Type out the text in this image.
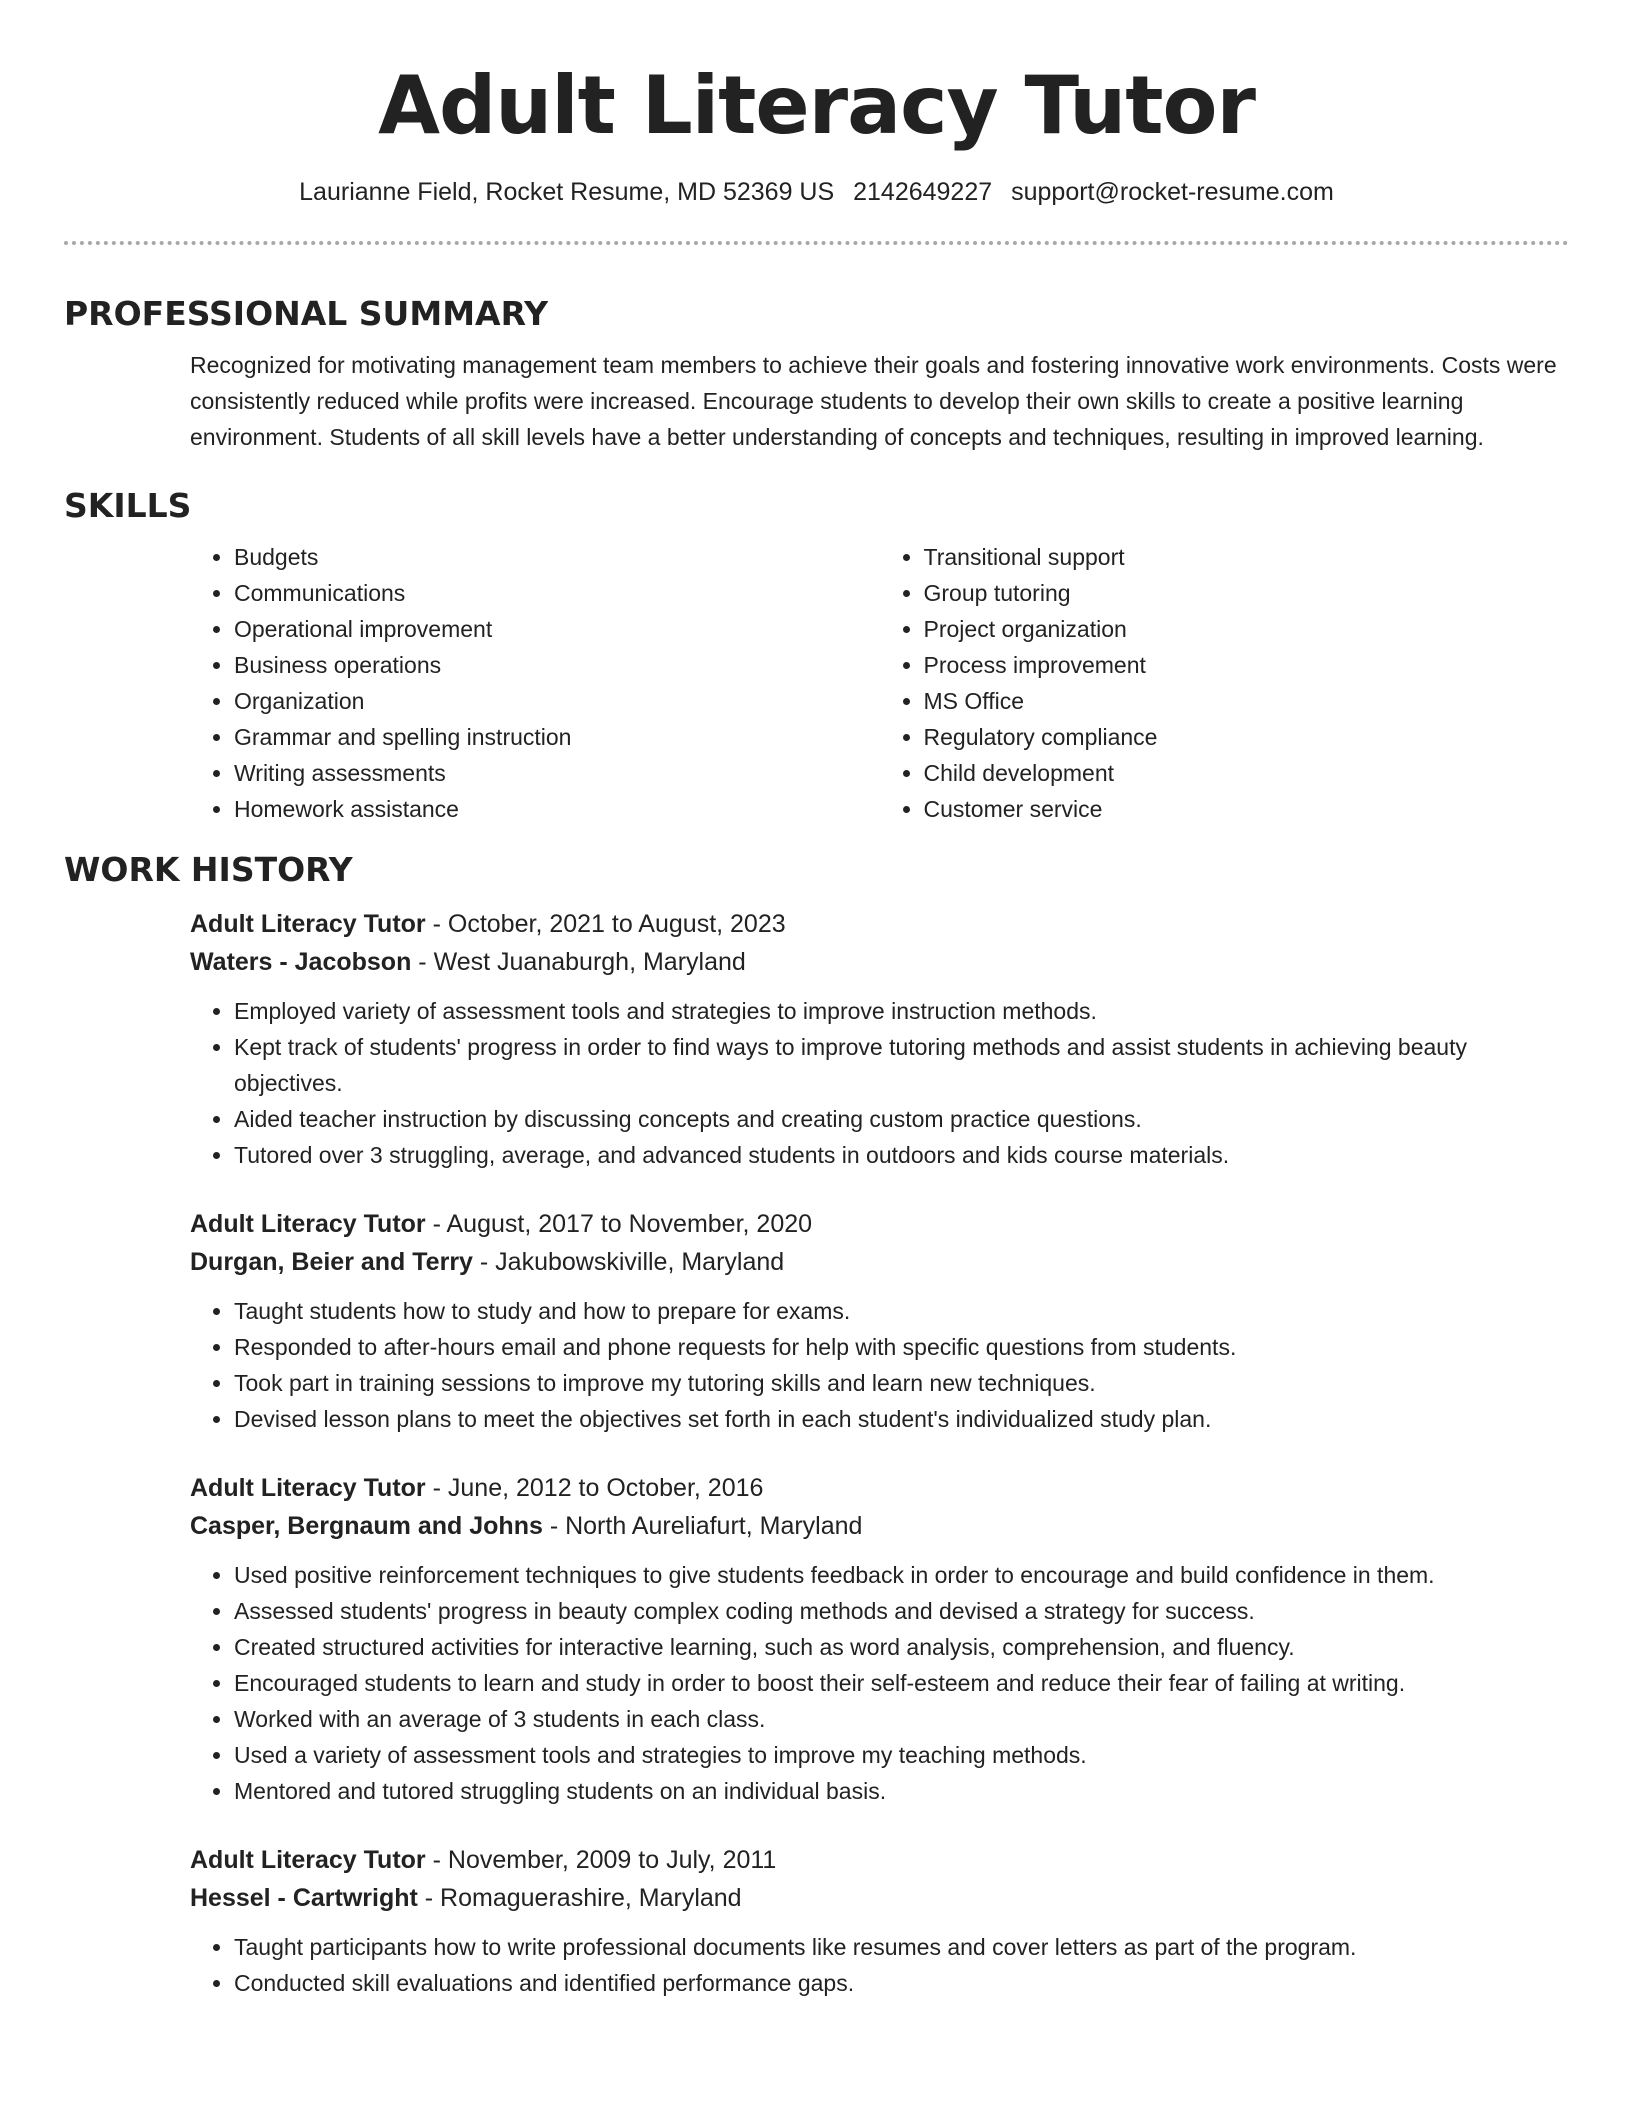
Adult Literacy Tutor
Laurianne Field, Rocket Resume, MD 52369 US 2142649227 support@rocket-resume.com
PROFESSIONAL SUMMARY
Recognized for motivating management team members to achieve their goals and fostering innovative work environments. Costs were consistently reduced while profits were increased. Encourage students to develop their own skills to create a positive learning environment. Students of all skill levels have a better understanding of concepts and techniques, resulting in improved learning.
SKILLS
• Budgets
• Communications
• Operational improvement
• Business operations
• Organization
• Grammar and spelling instruction
• Writing assessments
• Homework assistance
• Transitional support
• Group tutoring
• Project organization
• Process improvement
• MS Office
• Regulatory compliance
• Child development
• Customer service
WORK HISTORY
Adult Literacy Tutor - October, 2021 to August, 2023
Waters - Jacobson - West Juanaburgh, Maryland
• Employed variety of assessment tools and strategies to improve instruction methods.
• Kept track of students' progress in order to find ways to improve tutoring methods and assist students in achieving beauty objectives.
• Aided teacher instruction by discussing concepts and creating custom practice questions.
• Tutored over 3 struggling, average, and advanced students in outdoors and kids course materials.
Adult Literacy Tutor - August, 2017 to November, 2020
Durgan, Beier and Terry - Jakubowskiville, Maryland
• Taught students how to study and how to prepare for exams.
• Responded to after-hours email and phone requests for help with specific questions from students.
• Took part in training sessions to improve my tutoring skills and learn new techniques.
• Devised lesson plans to meet the objectives set forth in each student's individualized study plan.
Adult Literacy Tutor - June, 2012 to October, 2016
Casper, Bergnaum and Johns - North Aureliafurt, Maryland
• Used positive reinforcement techniques to give students feedback in order to encourage and build confidence in them.
• Assessed students' progress in beauty complex coding methods and devised a strategy for success.
• Created structured activities for interactive learning, such as word analysis, comprehension, and fluency.
• Encouraged students to learn and study in order to boost their self-esteem and reduce their fear of failing at writing.
• Worked with an average of 3 students in each class.
• Used a variety of assessment tools and strategies to improve my teaching methods.
• Mentored and tutored struggling students on an individual basis.
Adult Literacy Tutor - November, 2009 to July, 2011
Hessel - Cartwright - Romaguerashire, Maryland
• Taught participants how to write professional documents like resumes and cover letters as part of the program.
• Conducted skill evaluations and identified performance gaps.
